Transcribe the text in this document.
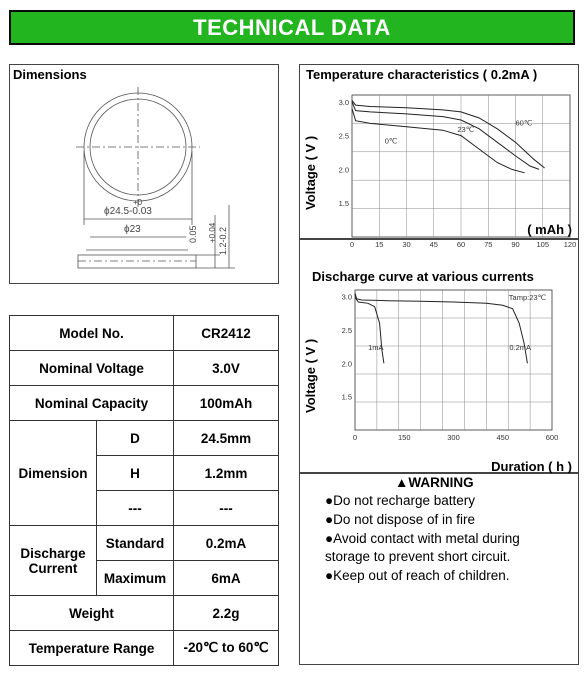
TECHNICAL DATA
Dimensions
+0
ϕ24.5-0.03
ϕ23	0.05 1.2-0.2
+0.04
Model No.		CR2412
Nominal Voltage		3.0V
Nominal Capacity		100mAh
Dimension	D	24.5mm
	H	1.2mm
	---	---

Discharge
Current	Standard	0.2mA
	Maximum	6mA
Weight		2.2g
Temperature Range		-20℃ to 60℃
Temperature characteristics ( 0.2mA )
( mAh )
Voltage ( V )
0	15	30	45	60	75	90 105 120
1.5
2.0
2.5
3.0
0℃
23℃
60℃
Discharge curve at various currents
Duration ( h )
Voltage ( V )
0	150	300	450	600
1.5
2.0
2.5
3.0
1mA	0.2mA
Tamp:23℃
▲WARNING
●Do not recharge battery
●Do not dispose of in fire
●Avoid contact with metal during
storage to prevent short circuit.
●Keep out of reach of children.
